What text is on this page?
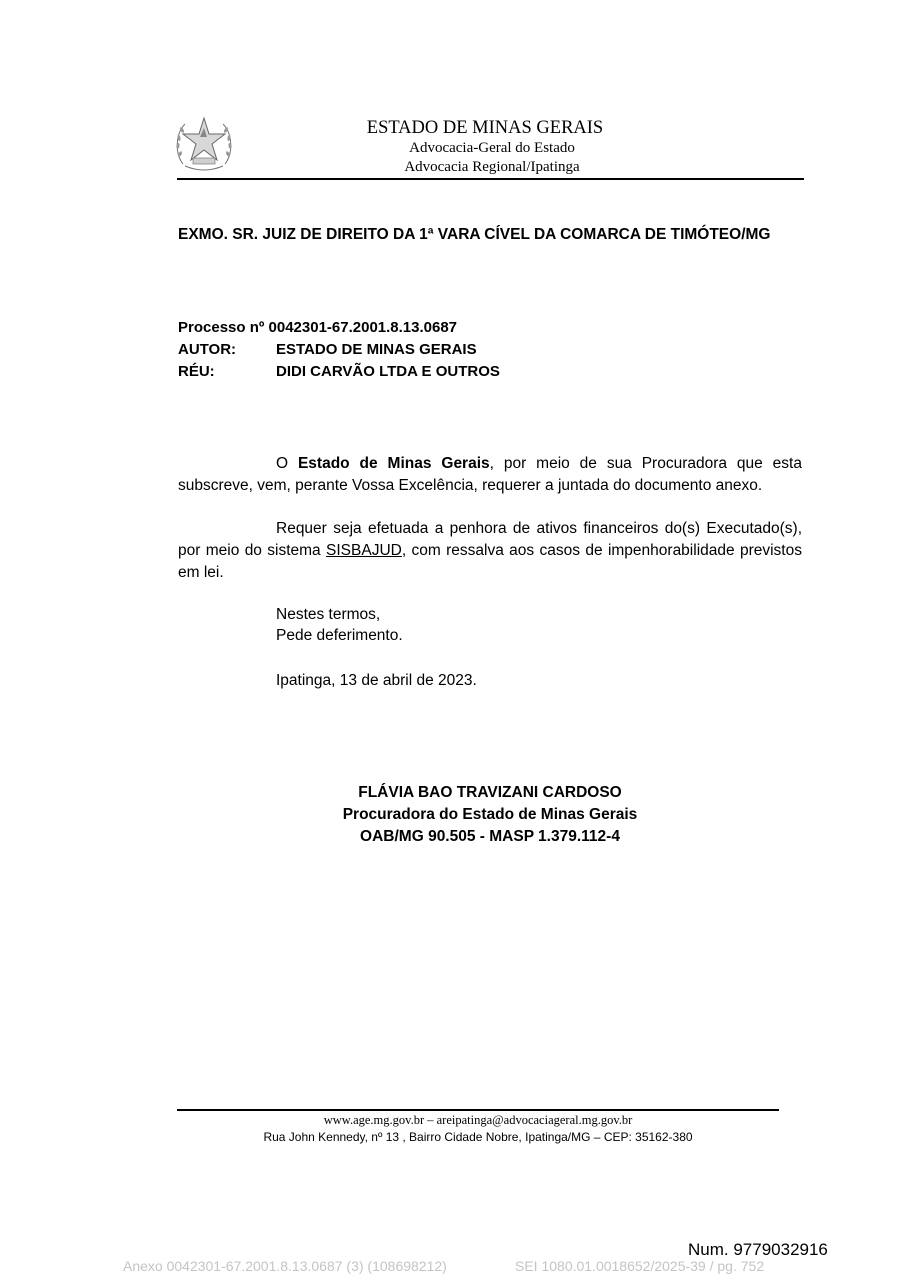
ESTADO DE MINAS GERAIS
Advocacia-Geral do Estado
Advocacia Regional/Ipatinga
EXMO. SR. JUIZ DE DIREITO DA 1ª VARA CÍVEL DA COMARCA DE TIMÓTEO/MG
Processo nº 0042301-67.2001.8.13.0687
AUTOR:	ESTADO DE MINAS GERAIS
RÉU:	DIDI CARVÃO LTDA E OUTROS
O Estado de Minas Gerais, por meio de sua Procuradora que esta subscreve, vem, perante Vossa Excelência, requerer a juntada do documento anexo.
Requer seja efetuada a penhora de ativos financeiros do(s) Executado(s), por meio do sistema SISBAJUD, com ressalva aos casos de impenhorabilidade previstos em lei.
Nestes termos,
Pede deferimento.
Ipatinga, 13 de abril de 2023.
FLÁVIA BAO TRAVIZANI CARDOSO
Procuradora do Estado de Minas Gerais
OAB/MG 90.505 - MASP 1.379.112-4
www.age.mg.gov.br – areipatinga@advocaciageral.mg.gov.br
Rua John Kennedy, nº 13 , Bairro Cidade Nobre, Ipatinga/MG – CEP: 35162-380
Num. 9779032916
Anexo 0042301-67.2001.8.13.0687 (3) (108698212)	SEI 1080.01.0018652/2025-39 / pg. 752
